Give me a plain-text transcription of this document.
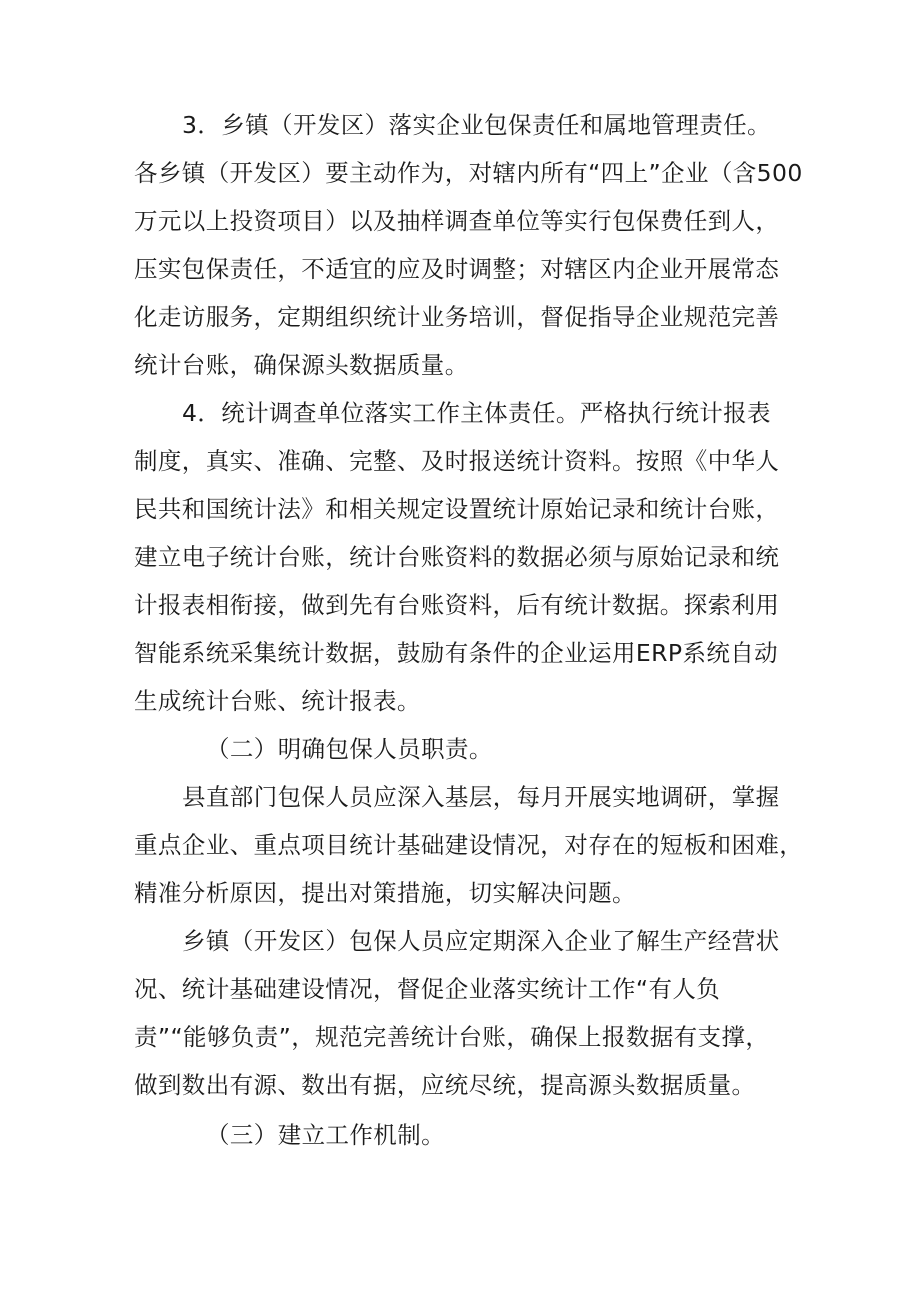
3．乡镇（开发区）落实企业包保责任和属地管理责任。
各乡镇（开发区）要主动作为，对辖内所有“四上”企业（含500
万元以上投资项目）以及抽样调查单位等实行包保费任到人，
压实包保责任，不适宜的应及时调整；对辖区内企业开展常态
化走访服务，定期组织统计业务培训，督促指导企业规范完善
统计台账，确保源头数据质量。
4．统计调查单位落实工作主体责任。严格执行统计报表
制度，真实、准确、完整、及时报送统计资料。按照《中华人
民共和国统计法》和相关规定设置统计原始记录和统计台账，
建立电子统计台账，统计台账资料的数据必须与原始记录和统
计报表相衔接，做到先有台账资料，后有统计数据。探索利用
智能系统采集统计数据，鼓励有条件的企业运用ERP系统自动
生成统计台账、统计报表。
（二）明确包保人员职责。
县直部门包保人员应深入基层，每月开展实地调研，掌握
重点企业、重点项目统计基础建设情况，对存在的短板和困难，
精准分析原因，提出对策措施，切实解决问题。
乡镇（开发区）包保人员应定期深入企业了解生产经营状
况、统计基础建设情况，督促企业落实统计工作“有人负
责”“能够负责”，规范完善统计台账，确保上报数据有支撑，
做到数出有源、数出有据，应统尽统，提高源头数据质量。
（三）建立工作机制。
